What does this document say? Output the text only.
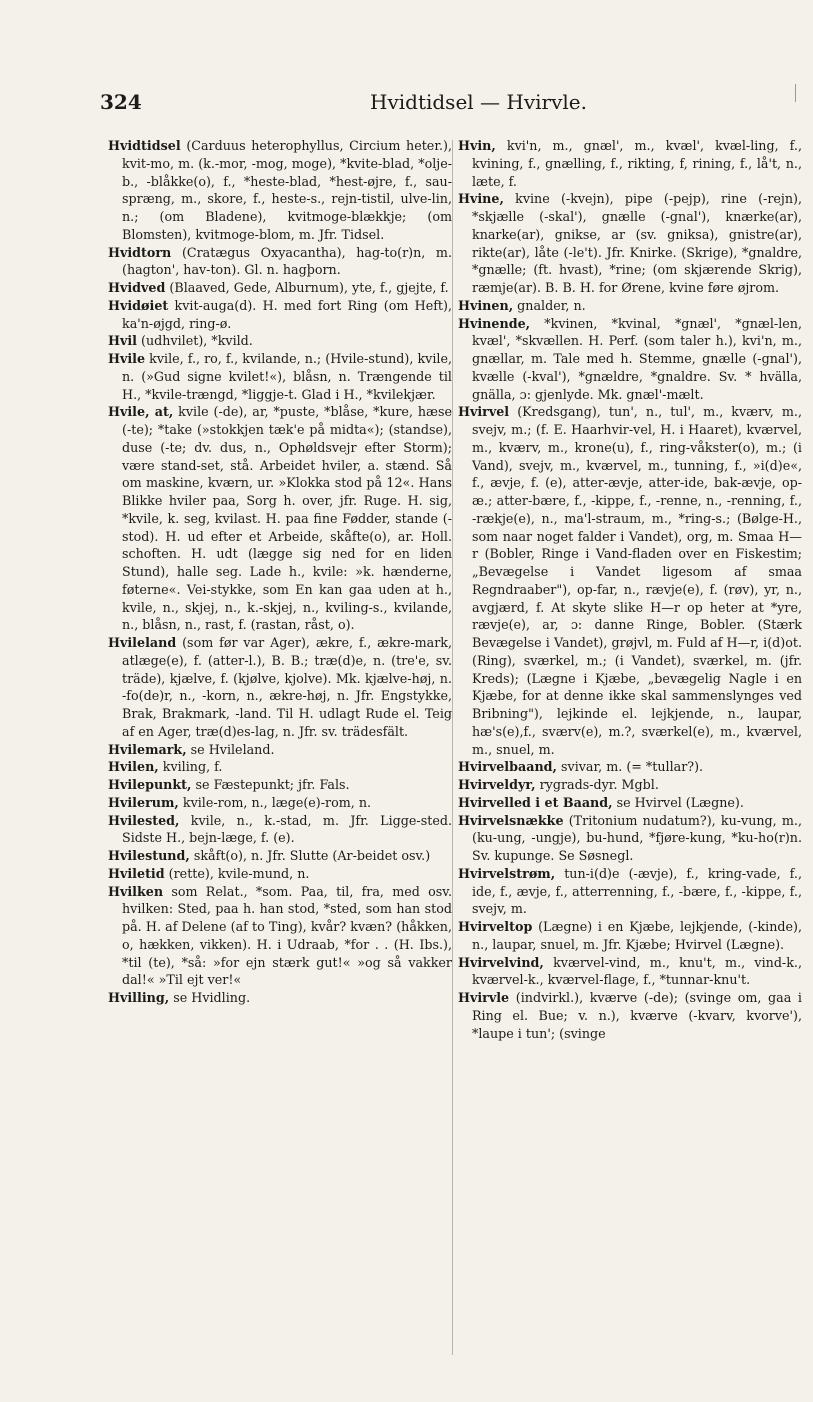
324	Hvidtidsel — Hvirvle.

Hvidtidsel (Carduus heterophyllus, Circium heter.), kvit-mo, m. (k.-mor, -mog, moge), *kvite-blad, *olje-b., -blåkke(o), f., *heste-blad, *hest-øjre, f., sau-spræng, m., skore, f., heste-s., rejn-tistil, ulve-lin, n.; (om Bladene), kvitmoge-blækkje; (om Blomsten), kvitmoge-blom, m. Jfr. Tidsel.

Hvidtorn (Cratægus Oxyacantha), hag-to(r)n, m. (hagton', hav-ton). Gl. n. hagþorn.

Hvidved (Blaaved, Gede, Alburnum), yte, f., gjejte, f.

Hvidøiet kvit-auga(d). H. med fort Ring (om Heft), ka'n-øjgd, ring-ø.

Hvil (udhvilet), *kvild.

Hvile kvile, f., ro, f., kvilande, n.; (Hvile-stund), kvile, n. (»Gud signe kvilet!«), blåsn, n. Trængende til H., *kvile-trængd, *liggje-t. Glad i H., *kvilekjær.

Hvile, at, kvile (-de), ar, *puste, *blåse, *kure, hæse (-te); *take (»stokkjen tæk'e på midta«); (standse), duse (-te; dv. dus, n., Ophøldsvejr efter Storm); være stand-set, stå. Arbeidet hviler, a. stænd. Så om maskine, kværn, ur. »Klokka stod på 12«. Hans Blikke hviler paa, Sorg h. over, jfr. Ruge. H. sig, *kvile, k. seg, kvilast. H. paa fine Fødder, stande (-stod). H. ud efter et Arbeide, skåfte(o), ar. Holl. schoften. H. udt (lægge sig ned for en liden Stund), halle seg. Lade h., kvile: »k. hænderne, føterne«. Vei-stykke, som En kan gaa uden at h., kvile, n., skjej, n., k.-skjej, n., kviling-s., kvilande, n., blåsn, n., rast, f. (rastan, råst, o).

Hvileland (som før var Ager), ækre, f., ækre-mark, atlæge(e), f. (atter-l.), B. B.; træ(d)e, n. (tre'e, sv. träde), kjælve, f. (kjølve, kjolve). Mk. kjælve-høj, n. -fo(de)r, n., -korn, n., ækre-høj, n. Jfr. Engstykke, Brak, Brakmark, -land. Til H. udlagt Rude el. Teig af en Ager, træ(d)es-lag, n. Jfr. sv. trädesfält.

Hvilemark, se Hvileland.

Hvilen, kviling, f.

Hvilepunkt, se Fæstepunkt; jfr. Fals.

Hvilerum, kvile-rom, n., læge(e)-rom, n.

Hvilested, kvile, n., k.-stad, m. Jfr. Ligge-sted. Sidste H., bejn-læge, f. (e).

Hvilestund, skåft(o), n. Jfr. Slutte (Ar-beidet osv.)

Hviletid (rette), kvile-mund, n.

Hvilken som Relat., *som. Paa, til, fra, med osv. hvilken: Sted, paa h. han stod, *sted, som han stod på. H. af Delene (af to Ting), kvår? kvæn? (håkken, o, hækken, vikken). H. i Udraab, *for . . (H. Ibs.), *til (te), *så: »for ejn stærk gut!« »og så vakker dal!« »Til ejt ver!«

Hvilling, se Hvidling.

Hvin, kvi'n, m., gnæl', m., kvæl', kvæl-ling, f., kvining, f., gnælling, f., rikting, f, rining, f., lå't, n., læte, f.

Hvine, kvine (-kvejn), pipe (-pejp), rine (-rejn), *skjælle (-skal'), gnælle (-gnal'), knærke(ar), knarke(ar), gnikse, ar (sv. gniksa), gnistre(ar), rikte(ar), låte (-le't). Jfr. Knirke. (Skrige), *gnaldre, *gnælle; (ft. hvast), *rine; (om skjærende Skrig), ræmje(ar). B. B. H. for Ørene, kvine føre øjrom.

Hvinen, gnalder, n.

Hvinende, *kvinen, *kvinal, *gnæl', *gnæl-len, kvæl', *skvællen. H. Perf. (som taler h.), kvi'n, m., gnællar, m. Tale med h. Stemme, gnælle (-gnal'), kvælle (-kval'), *gnældre, *gnaldre. Sv. * hvälla, gnälla, ɔ: gjenlyde. Mk. gnæl'-mælt.

Hvirvel (Kredsgang), tun', n., tul', m., kværv, m., svejv, m.; (f. E. Haarhvir-vel, H. i Haaret), kværvel, m., kværv, m., krone(u), f., ring-våkster(o), m.; (i Vand), svejv, m., kværvel, m., tunning, f., »i(d)e«, f., ævje, f. (e), atter-ævje, atter-ide, bak-ævje, op-æ.; atter-bære, f., -kippe, f., -renne, n., -renning, f., -rækje(e), n., ma'l-straum, m., *ring-s.; (Bølge-H., som naar noget falder i Vandet), org, m. Smaa H—r (Bobler, Ringe i Vand-fladen over en Fiskestim; „Bevægelse i Vandet ligesom af smaa Regndraaber"), op-far, n., rævje(e), f. (røv), yr, n., avgjærd, f. At skyte slike H—r op heter at *yre, rævje(e), ar, ɔ: danne Ringe, Bobler. (Stærk Bevægelse i Vandet), grøjvl, m. Fuld af H—r, i(d)ot. (Ring), sværkel, m.; (i Vandet), sværkel, m. (jfr. Kreds); (Lægne i Kjæbe, „bevægelig Nagle i en Kjæbe, for at denne ikke skal sammenslynges ved Bribning"), lejkinde el. lejkjende, n., laupar, hæ's(e),f., sværv(e), m.?, sværkel(e), m., kværvel, m., snuel, m.

Hvirvelbaand, svivar, m. (= *tullar?).

Hvirveldyr, rygrads-dyr. Mgbl.

Hvirvelled i et Baand, se Hvirvel (Lægne).

Hvirvelsnække (Tritonium nudatum?), ku-vung, m., (ku-ung, -ungje), bu-hund, *fjøre-kung, *ku-ho(r)n. Sv. kupunge. Se Søsnegl.

Hvirvelstrøm, tun-i(d)e (-ævje), f., kring-vade, f., ide, f., ævje, f., atterrenning, f., -bære, f., -kippe, f., svejv, m.

Hvirveltop (Lægne) i en Kjæbe, lejkjende, (-kinde), n., laupar, snuel, m. Jfr. Kjæbe; Hvirvel (Lægne).

Hvirvelvind, kværvel-vind, m., knu't, m., vind-k., kværvel-k., kværvel-flage, f., *tunnar-knu't.

Hvirvle (indvirkl.), kværve (-de); (svinge om, gaa i Ring el. Bue; v. n.), kværve (-kvarv, kvorve'), *laupe i tun'; (svinge
